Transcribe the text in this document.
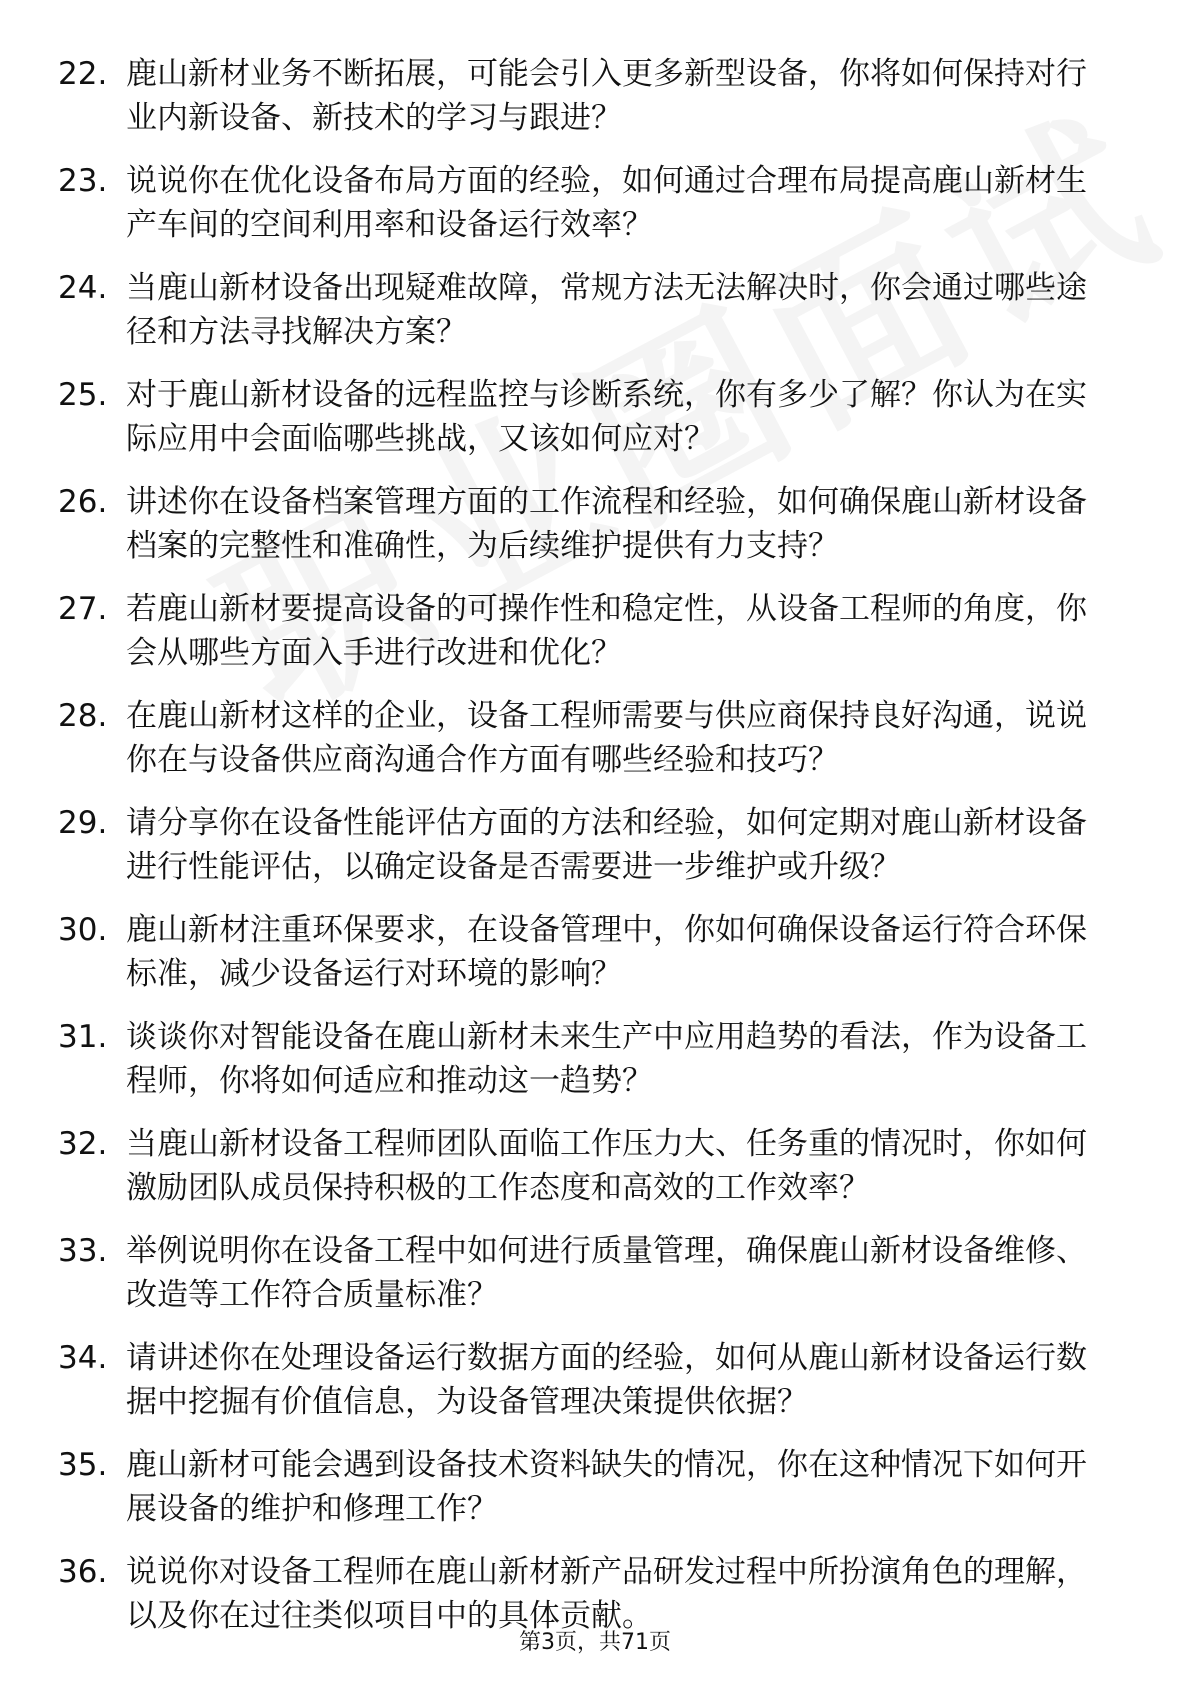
22. 鹿山新材业务不断拓展，可能会引入更多新型设备，你将如何保持对行业内新设备、新技术的学习与跟进？
23. 说说你在优化设备布局方面的经验，如何通过合理布局提高鹿山新材生产车间的空间利用率和设备运行效率？
24. 当鹿山新材设备出现疑难故障，常规方法无法解决时，你会通过哪些途径和方法寻找解决方案？
25. 对于鹿山新材设备的远程监控与诊断系统，你有多少了解？你认为在实际应用中会面临哪些挑战，又该如何应对？
26. 讲述你在设备档案管理方面的工作流程和经验，如何确保鹿山新材设备档案的完整性和准确性，为后续维护提供有力支持？
27. 若鹿山新材要提高设备的可操作性和稳定性，从设备工程师的角度，你会从哪些方面入手进行改进和优化？
28. 在鹿山新材这样的企业，设备工程师需要与供应商保持良好沟通，说说你在与设备供应商沟通合作方面有哪些经验和技巧？
29. 请分享你在设备性能评估方面的方法和经验，如何定期对鹿山新材设备进行性能评估，以确定设备是否需要进一步维护或升级？
30. 鹿山新材注重环保要求，在设备管理中，你如何确保设备运行符合环保标准，减少设备运行对环境的影响？
31. 谈谈你对智能设备在鹿山新材未来生产中应用趋势的看法，作为设备工程师，你将如何适应和推动这一趋势？
32. 当鹿山新材设备工程师团队面临工作压力大、任务重的情况时，你如何激励团队成员保持积极的工作态度和高效的工作效率？
33. 举例说明你在设备工程中如何进行质量管理，确保鹿山新材设备维修、改造等工作符合质量标准？
34. 请讲述你在处理设备运行数据方面的经验，如何从鹿山新材设备运行数据中挖掘有价值信息，为设备管理决策提供依据？
35. 鹿山新材可能会遇到设备技术资料缺失的情况，你在这种情况下如何开展设备的维护和修理工作？
36. 说说你对设备工程师在鹿山新材新产品研发过程中所扮演角色的理解，以及你在过往类似项目中的具体贡献。
第3页，共71页
